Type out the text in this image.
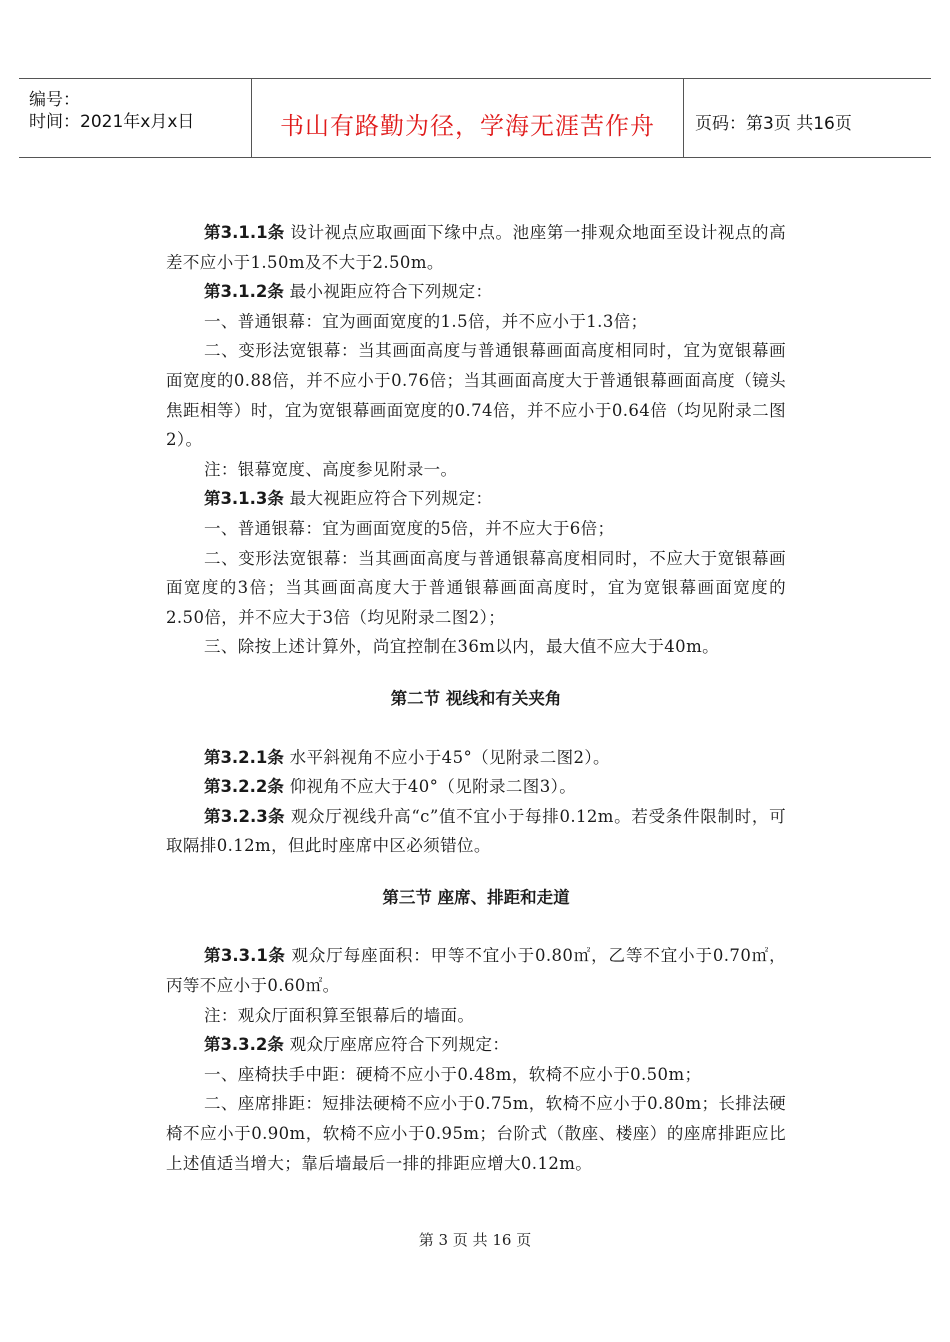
编号：
时间：2021年x月x日	书山有路勤为径，学海无涯苦作舟	页码：第3页 共16页

第3.1.1条 设计视点应取画面下缘中点。池座第一排观众地面至设计视点的高差不应小于1.50m及不大于2.50m。

第3.1.2条 最小视距应符合下列规定：

一、普通银幕：宜为画面宽度的1.5倍，并不应小于1.3倍；

二、变形法宽银幕：当其画面高度与普通银幕画面高度相同时，宜为宽银幕画面宽度的0.88倍，并不应小于0.76倍；当其画面高度大于普通银幕画面高度（镜头焦距相等）时，宜为宽银幕画面宽度的0.74倍，并不应小于0.64倍（均见附录二图2）。

注：银幕宽度、高度参见附录一。

第3.1.3条 最大视距应符合下列规定：

一、普通银幕：宜为画面宽度的5倍，并不应大于6倍；

二、变形法宽银幕：当其画面高度与普通银幕高度相同时，不应大于宽银幕画面宽度的3倍；当其画面高度大于普通银幕画面高度时，宜为宽银幕画面宽度的2.50倍，并不应大于3倍（均见附录二图2）；

三、除按上述计算外，尚宜控制在36m以内，最大值不应大于40m。

第二节 视线和有关夹角

第3.2.1条 水平斜视角不应小于45°（见附录二图2）。

第3.2.2条 仰视角不应大于40°（见附录二图3）。

第3.2.3条 观众厅视线升高“c”值不宜小于每排0.12m。若受条件限制时，可取隔排0.12m，但此时座席中区必须错位。

第三节 座席、排距和走道

第3.3.1条 观众厅每座面积：甲等不宜小于0.80㎡，乙等不宜小于0.70㎡，丙等不应小于0.60㎡。

注：观众厅面积算至银幕后的墙面。

第3.3.2条 观众厅座席应符合下列规定：

一、座椅扶手中距：硬椅不应小于0.48m，软椅不应小于0.50m；

二、座席排距：短排法硬椅不应小于0.75m，软椅不应小于0.80m；长排法硬椅不应小于0.90m，软椅不应小于0.95m；台阶式（散座、楼座）的座席排距应比上述值适当增大；靠后墙最后一排的排距应增大0.12m。

第 3 页 共 16 页
